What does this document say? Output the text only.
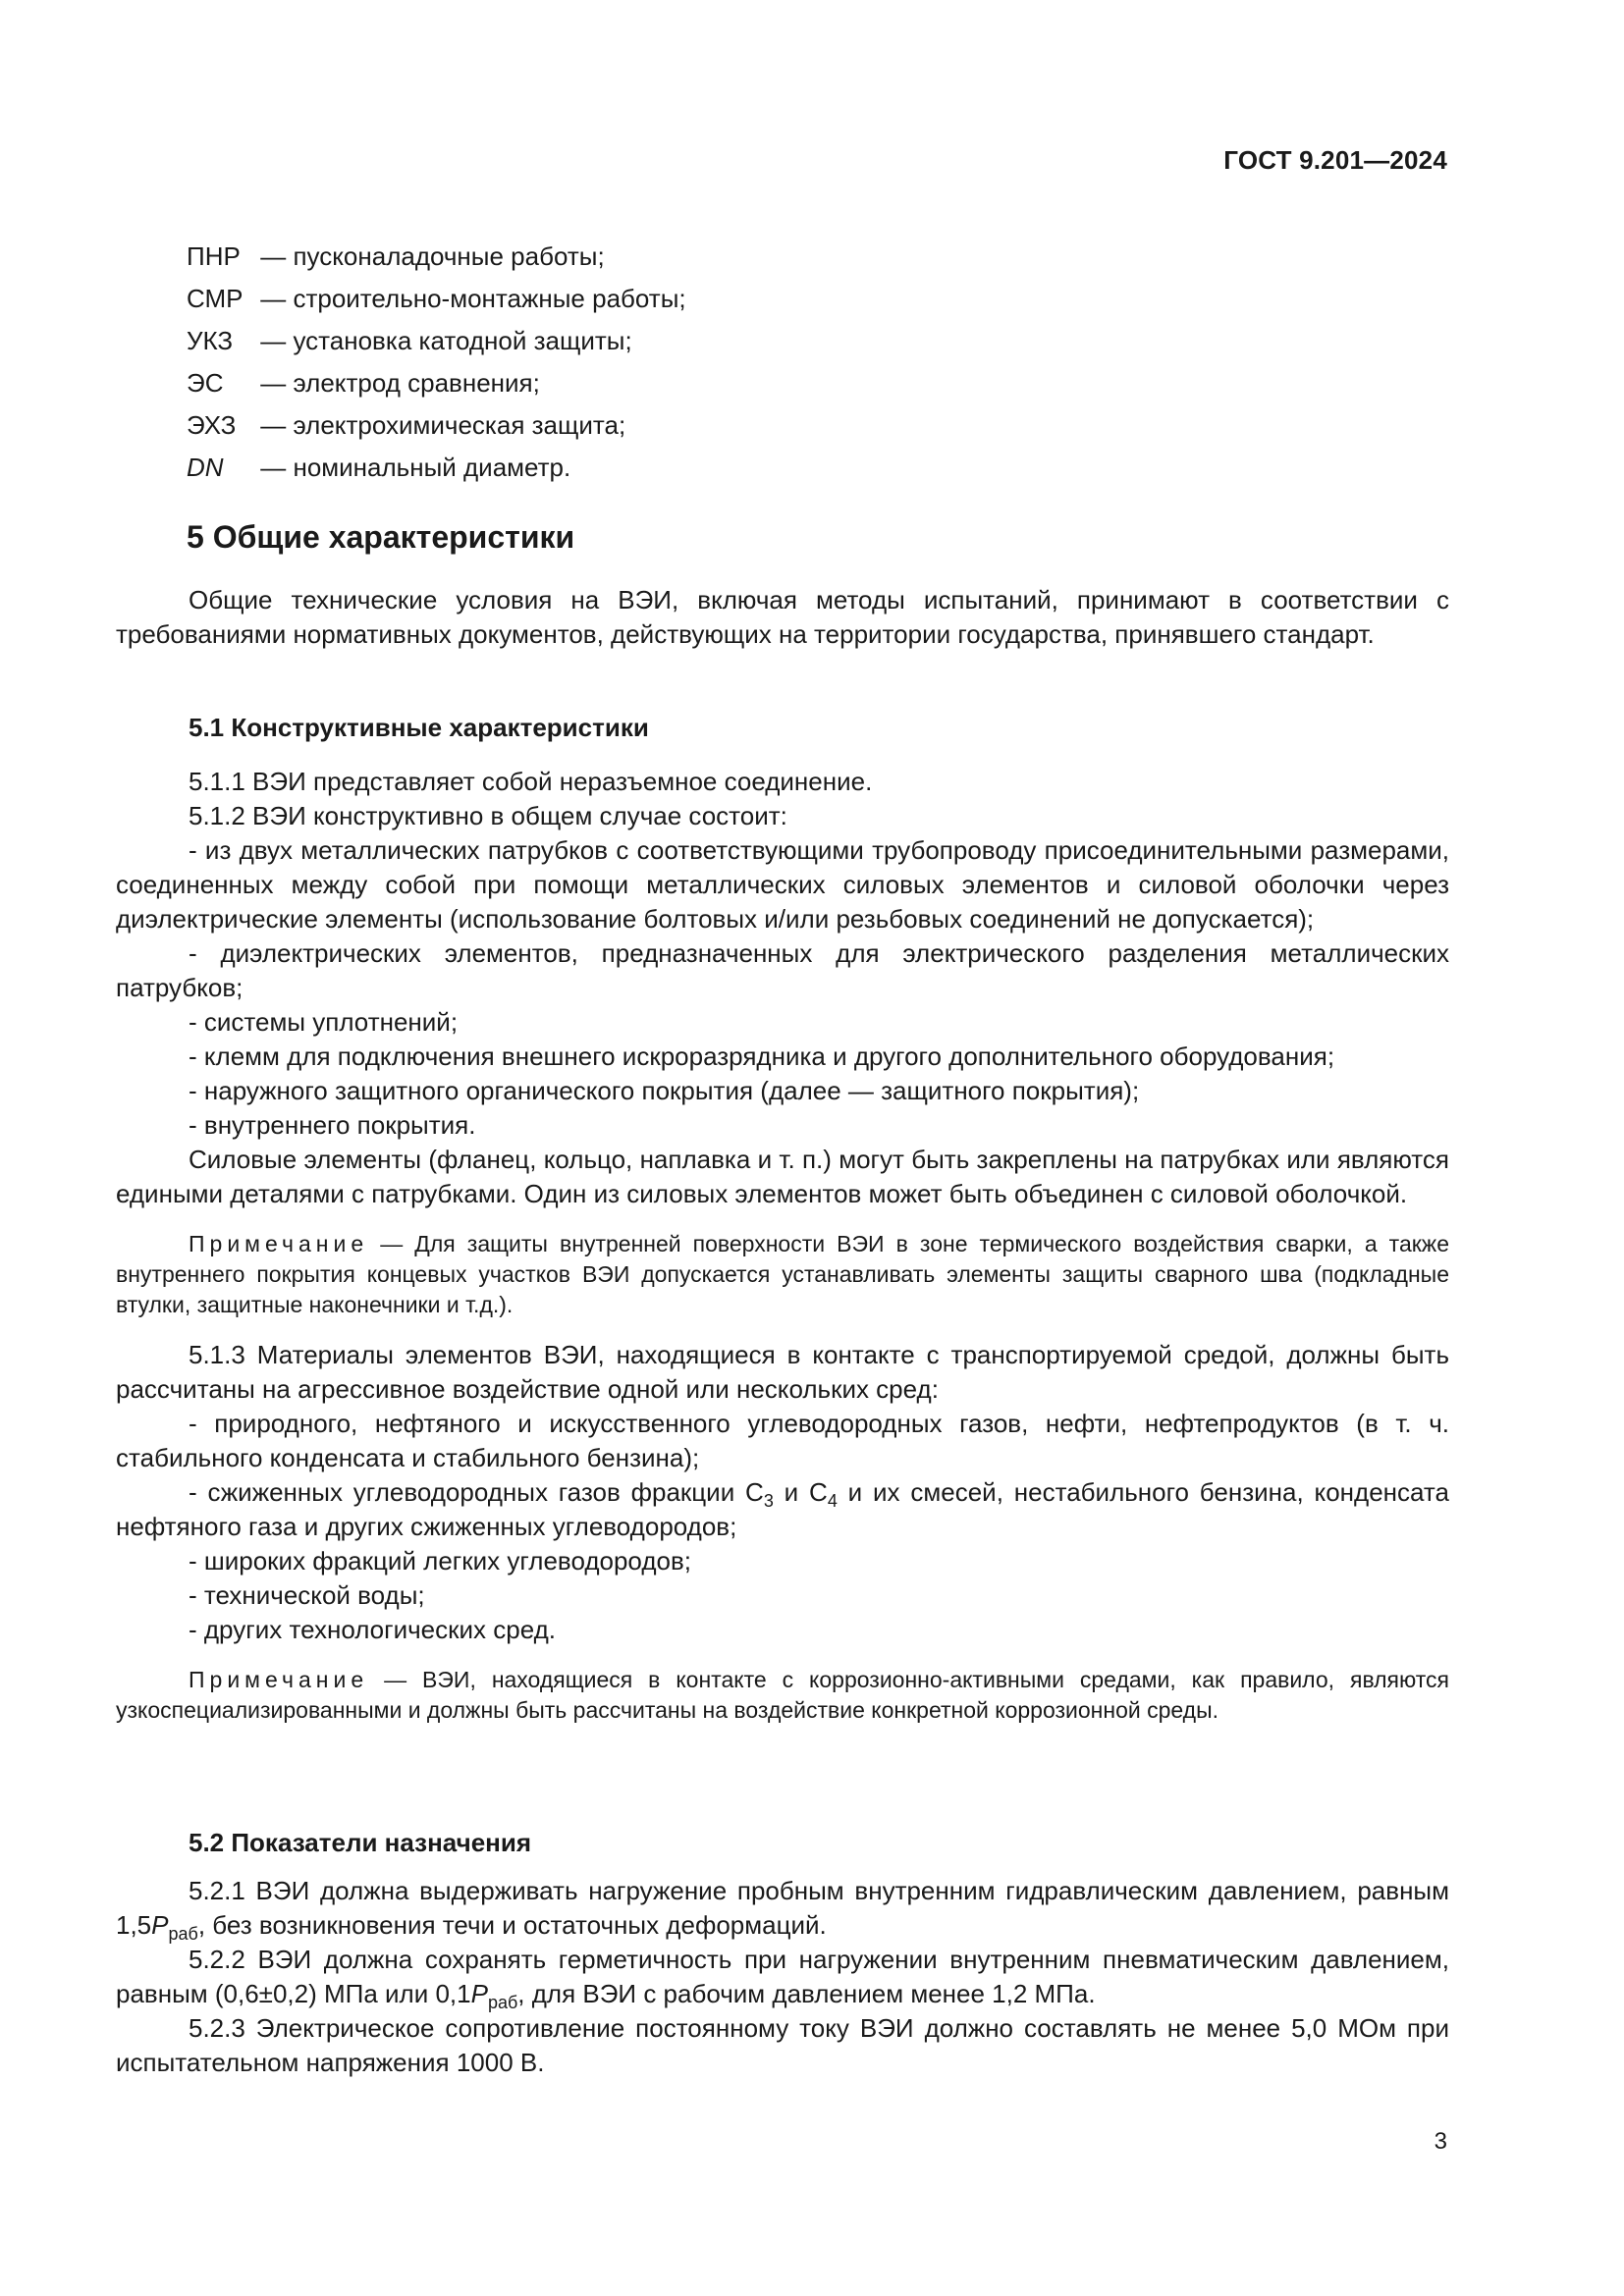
ГОСТ 9.201—2024
ПНР — пусконаладочные работы;
СМР — строительно-монтажные работы;
УКЗ — установка катодной защиты;
ЭС — электрод сравнения;
ЭХЗ — электрохимическая защита;
DN — номинальный диаметр.
5 Общие характеристики

Общие технические условия на ВЭИ, включая методы испытаний, принимают в соответствии с требованиями нормативных документов, действующих на территории государства, принявшего стандарт.

5.1 Конструктивные характеристики

5.1.1 ВЭИ представляет собой неразъемное соединение.

5.1.2 ВЭИ конструктивно в общем случае состоит:

- из двух металлических патрубков с соответствующими трубопроводу присоединительными размерами, соединенных между собой при помощи металлических силовых элементов и силовой оболочки через диэлектрические элементы (использование болтовых и/или резьбовых соединений не допускается);

- диэлектрических элементов, предназначенных для электрического разделения металлических патрубков;

- системы уплотнений;

- клемм для подключения внешнего искроразрядника и другого дополнительного оборудования;

- наружного защитного органического покрытия (далее — защитного покрытия);

- внутреннего покрытия.

Силовые элементы (фланец, кольцо, наплавка и т. п.) могут быть закреплены на патрубках или являются едиными деталями с патрубками. Один из силовых элементов может быть объединен с силовой оболочкой.

Примечание — Для защиты внутренней поверхности ВЭИ в зоне термического воздействия сварки, а также внутреннего покрытия концевых участков ВЭИ допускается устанавливать элементы защиты сварного шва (подкладные втулки, защитные наконечники и т.д.).

5.1.3 Материалы элементов ВЭИ, находящиеся в контакте с транспортируемой средой, должны быть рассчитаны на агрессивное воздействие одной или нескольких сред:

- природного, нефтяного и искусственного углеводородных газов, нефти, нефтепродуктов (в т. ч. стабильного конденсата и стабильного бензина);

- сжиженных углеводородных газов фракции $С_3$ и $С_4$ и их смесей, нестабильного бензина, конденсата нефтяного газа и других сжиженных углеводородов;

- широких фракций легких углеводородов;

- технической воды;

- других технологических сред.

Примечание — ВЭИ, находящиеся в контакте с коррозионно-активными средами, как правило, являются узкоспециализированными и должны быть рассчитаны на воздействие конкретной коррозионной среды.

5.2 Показатели назначения

5.2.1 ВЭИ должна выдерживать нагружение пробным внутренним гидравлическим давлением, равным $1,5P_{раб}$, без возникновения течи и остаточных деформаций.

5.2.2 ВЭИ должна сохранять герметичность при нагружении внутренним пневматическим давлением, равным (0,6±0,2) МПа или $0,1P_{раб}$, для ВЭИ с рабочим давлением менее 1,2 МПа.

5.2.3 Электрическое сопротивление постоянному току ВЭИ должно составлять не менее 5,0 МОм при испытательном напряжения 1000 В.

3
